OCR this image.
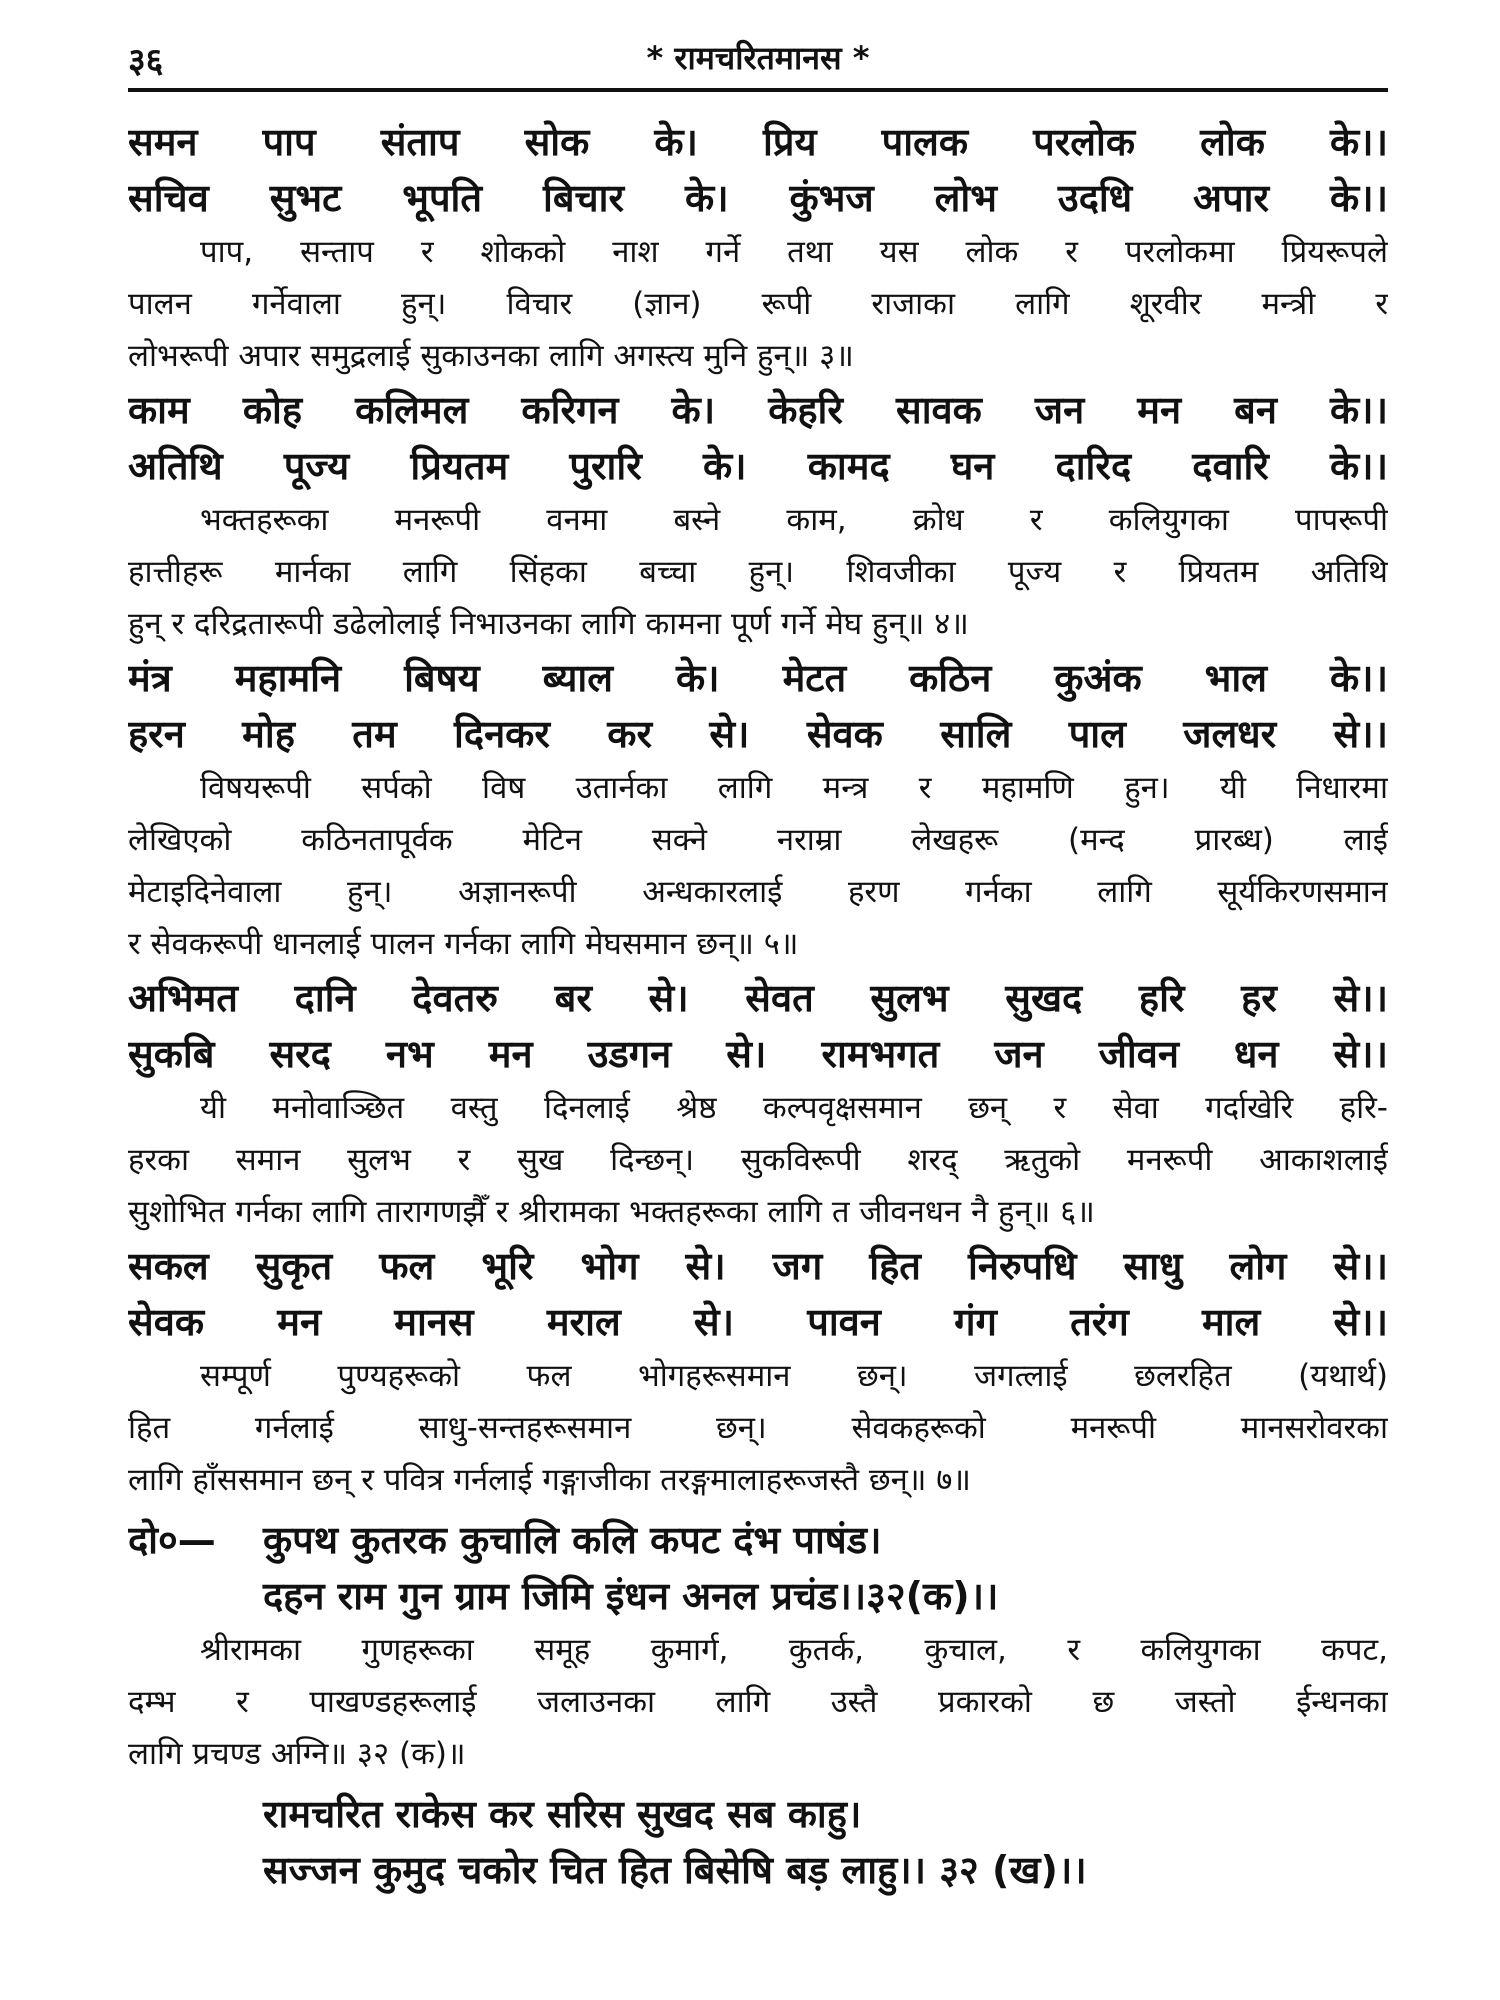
३६	* रामचरितमानस *
समन पाप संताप सोक के। प्रिय पालक परलोक लोक के।।
सचिव सुभट भूपति बिचार के। कुंभज लोभ उदधि अपार के।।
पाप, सन्ताप र शोकको नाश गर्ने तथा यस लोक र परलोकमा प्रियरूपले
पालन गर्नेवाला हुन्। विचार (ज्ञान) रूपी राजाका लागि शूरवीर मन्त्री र
लोभरूपी अपार समुद्रलाई सुकाउनका लागि अगस्त्य मुनि हुन्॥ ३॥
काम कोह कलिमल करिगन के। केहरि सावक जन मन बन के।।
अतिथि पूज्य प्रियतम पुरारि के। कामद घन दारिद दवारि के।।
भक्तहरूका मनरूपी वनमा बस्ने काम, क्रोध र कलियुगका पापरूपी
हात्तीहरू मार्नका लागि सिंहका बच्चा हुन्। शिवजीका पूज्य र प्रियतम अतिथि
हुन् र दरिद्रतारूपी डढेलोलाई निभाउनका लागि कामना पूर्ण गर्ने मेघ हुन्॥ ४॥
मंत्र महामनि बिषय ब्याल के। मेटत कठिन कुअंक भाल के।।
हरन मोह तम दिनकर कर से। सेवक सालि पाल जलधर से।।
विषयरूपी सर्पको विष उतार्नका लागि मन्त्र र महामणि हुन। यी निधारमा
लेखिएको कठिनतापूर्वक मेटिन सक्ने नराम्रा लेखहरू (मन्द प्रारब्ध) लाई
मेटाइदिनेवाला हुन्। अज्ञानरूपी अन्धकारलाई हरण गर्नका लागि सूर्यकिरणसमान
र सेवकरूपी धानलाई पालन गर्नका लागि मेघसमान छन्॥ ५॥
अभिमत दानि देवतरु बर से। सेवत सुलभ सुखद हरि हर से।।
सुकबि सरद नभ मन उडगन से। रामभगत जन जीवन धन से।।
यी मनोवाञ्छित वस्तु दिनलाई श्रेष्ठ कल्पवृक्षसमान छन् र सेवा गर्दाखेरि हरि-
हरका समान सुलभ र सुख दिन्छन्। सुकविरूपी शरद् ऋतुको मनरूपी आकाशलाई
सुशोभित गर्नका लागि तारागणझैँ र श्रीरामका भक्तहरूका लागि त जीवनधन नै हुन्॥ ६॥
सकल सुकृत फल भूरि भोग से। जग हित निरुपधि साधु लोग से।।
सेवक मन मानस मराल से। पावन गंग तरंग माल से।।
सम्पूर्ण पुण्यहरूको फल भोगहरूसमान छन्। जगत्लाई छलरहित (यथार्थ)
हित गर्नलाई साधु-सन्तहरूसमान छन्। सेवकहरूको मनरूपी मानसरोवरका
लागि हाँससमान छन् र पवित्र गर्नलाई गङ्गाजीका तरङ्गमालाहरूजस्तै छन्॥ ७॥
दो०— कुपथ कुतरक कुचालि कलि कपट दंभ पाषंड।
दहन राम गुन ग्राम जिमि इंधन अनल प्रचंड।।३२(क)।।
श्रीरामका गुणहरूका समूह कुमार्ग, कुतर्क, कुचाल, र कलियुगका कपट,
दम्भ र पाखण्डहरूलाई जलाउनका लागि उस्तै प्रकारको छ जस्तो ईन्धनका
लागि प्रचण्ड अग्नि॥ ३२ (क)॥
रामचरित राकेस कर सरिस सुखद सब काहु।
सज्जन कुमुद चकोर चित हित बिसेषि बड़ लाहु।। ३२ (ख)।।
